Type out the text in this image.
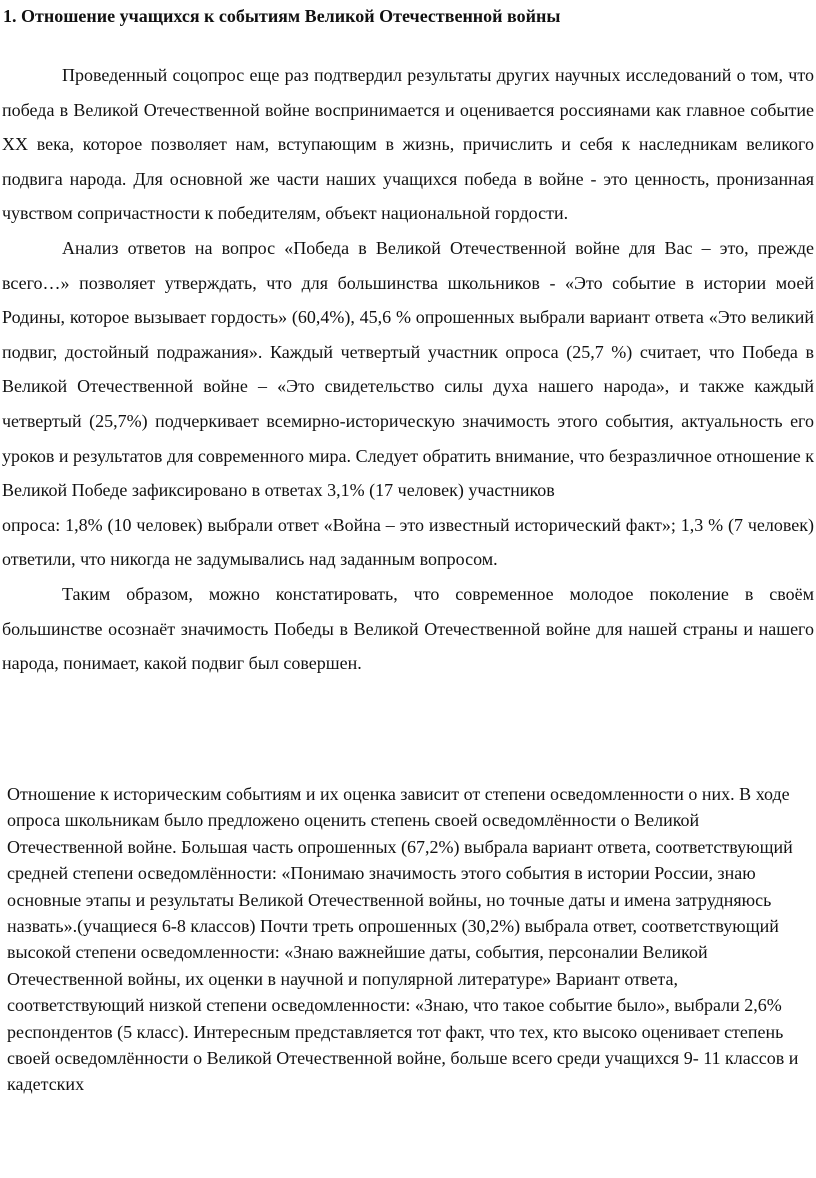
1. Отношение учащихся к событиям Великой Отечественной войны

Проведенный соцопрос еще раз подтвердил результаты других научных исследований о том, что победа в Великой Отечественной войне воспринимается и оценивается россиянами как главное событие XX века, которое позволяет нам, вступающим в жизнь, причислить и себя к наследникам великого подвига народа. Для основной же части наших учащихся победа в войне - это ценность, пронизанная чувством сопричастности к победителям, объект национальной гордости.

Анализ ответов на вопрос «Победа в Великой Отечественной войне для Вас – это, прежде всего…» позволяет утверждать, что для большинства школьников - «Это событие в истории моей Родины, которое вызывает гордость» (60,4%), 45,6 % опрошенных выбрали вариант ответа «Это великий подвиг, достойный подражания». Каждый четвертый участник опроса (25,7 %) считает, что Победа в Великой Отечественной войне – «Это свидетельство силы духа нашего народа», и также каждый четвертый (25,7%) подчеркивает всемирно-историческую значимость этого события, актуальность его уроков и результатов для современного мира. Следует обратить внимание, что безразличное отношение к Великой Победе зафиксировано в ответах 3,1% (17 человек) участников

опроса: 1,8% (10 человек) выбрали ответ «Война – это известный исторический факт»; 1,3 % (7 человек) ответили, что никогда не задумывались над заданным вопросом.

Таким образом, можно констатировать, что современное молодое поколение в своём большинстве осознаёт значимость Победы в Великой Отечественной войне для нашей страны и нашего народа, понимает, какой подвиг был совершен.

Отношение к историческим событиям и их оценка зависит от степени осведомленности о них. В ходе опроса школьникам было предложено оценить степень своей осведомлённости о Великой Отечественной войне. Большая часть опрошенных (67,2%) выбрала вариант ответа, соответствующий средней степени осведомлённости: «Понимаю значимость этого события в истории России, знаю основные этапы и результаты Великой Отечественной войны, но точные даты и имена затрудняюсь назвать».(учащиеся 6-8 классов) Почти треть опрошенных (30,2%) выбрала ответ, соответствующий высокой степени осведомленности: «Знаю важнейшие даты, события, персоналии Великой Отечественной войны, их оценки в научной и популярной литературе» Вариант ответа, соответствующий низкой степени осведомленности: «Знаю, что такое событие было», выбрали 2,6% респондентов (5 класс). Интересным представляется тот факт, что тех, кто высоко оценивает степень своей осведомлённости о Великой Отечественной войне, больше всего среди учащихся 9- 11 классов и кадетских
